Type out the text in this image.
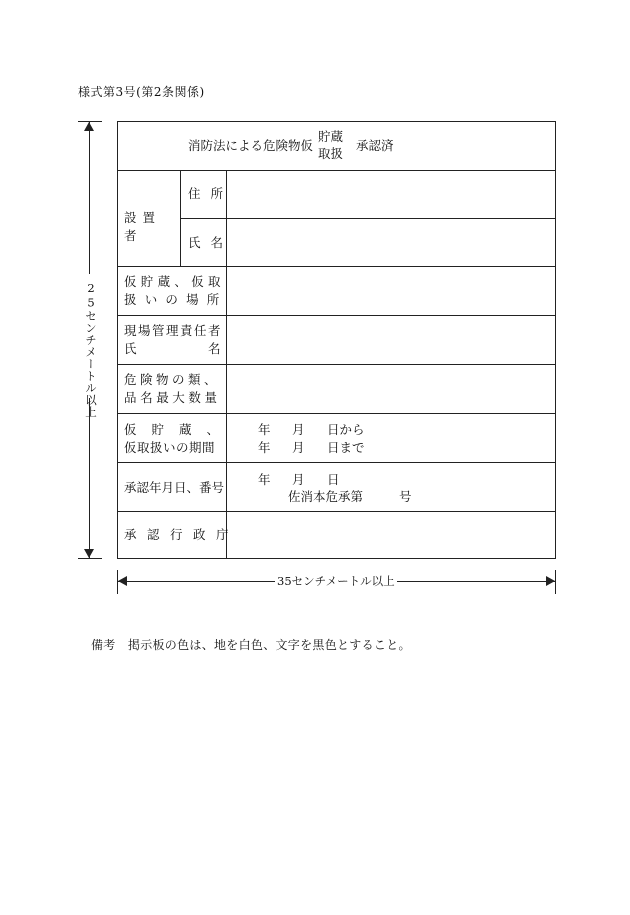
様式第3号(第2条関係)
25センチメートル以上
消防法による危険物仮
貯蔵
取扱
承認済
設置者
住所
氏名
仮貯蔵、仮取
扱いの場所
現場管理責任者
氏	名
危険物の類、
品名最大数量
仮貯蔵、
仮取扱いの期間
年 月 日から
年 月 日まで
承認年月日、番号
年 月 日
佐消本危承第	号
承認行政庁
35センチメートル以上
備考　掲示板の色は、地を白色、文字を黒色とすること。
